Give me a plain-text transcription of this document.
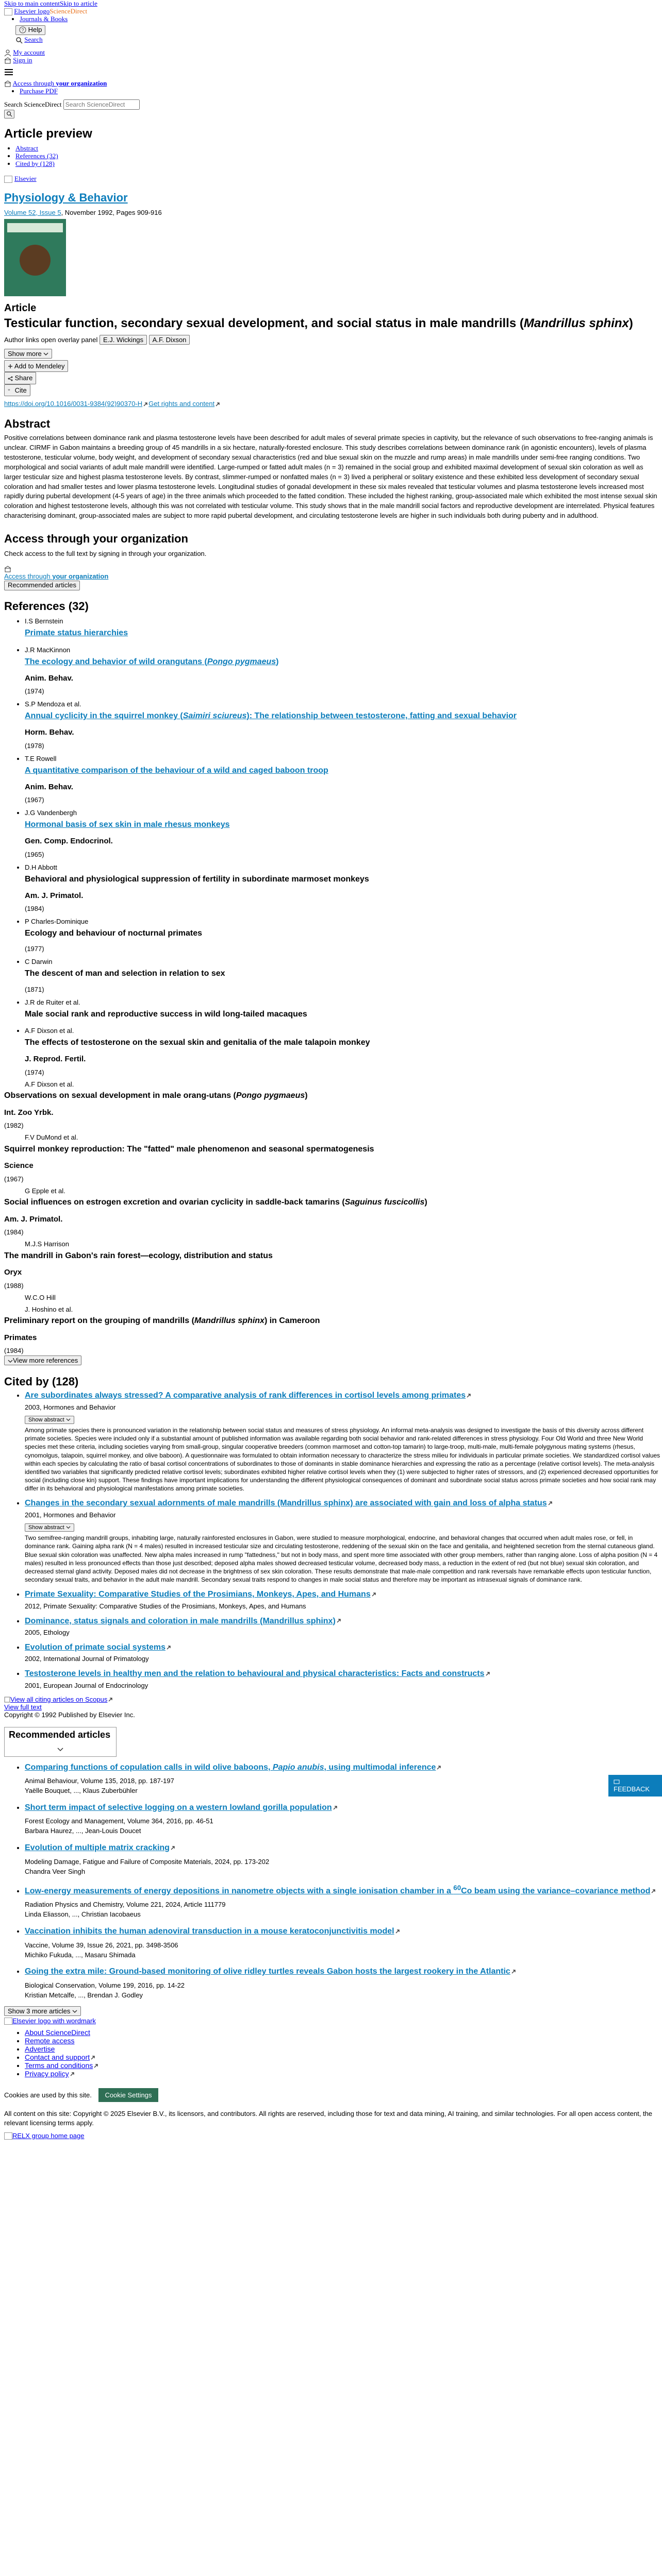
Skip to main contentSkip to article
Elsevier logoScienceDirect
• Journals & Books
? Help
Search
My account

Sign in
Access through your organization
• Purchase PDF
Search ScienceDirect Search ScienceDirect

Article preview
• Abstract
• References (32)
• Cited by (128)
Elsevier
Physiology & Behavior
Volume 52, Issue 5, November 1992, Pages 909-916
Article
Testicular function, secondary sexual development, and social status in male mandrills (Mandrillus sphinx)
Author links open overlay panel E.J. Wickings A.F. Dixson
Show more
Add to Mendeley

Share

" Cite
https://doi.org/10.1016/0031-9384(92)90370-H Get rights and content
Abstract

Positive correlations between dominance rank and plasma testosterone levels have been described for adult males of several primate species in captivity, but the relevance of such observations to free-ranging animals is unclear. CIRMF in Gabon maintains a breeding group of 45 mandrills in a six hectare, naturally-forested enclosure. This study describes correlations between dominance rank (in agonistic encounters), levels of plasma testosterone, testicular volume, body weight, and development of secondary sexual characteristics (red and blue sexual skin on the muzzle and rump areas) in male mandrills under semi-free ranging conditions. Two morphological and social variants of adult male mandrill were identified. Large-rumped or fatted adult males (n = 3) remained in the social group and exhibited maximal development of sexual skin coloration as well as larger testicular size and highest plasma testosterone levels. By contrast, slimmer-rumped or nonfatted males (n = 3) lived a peripheral or solitary existence and these exhibited less development of secondary sexual coloration and had smaller testes and lower plasma testosterone levels. Longitudinal studies of gonadal development in these six males revealed that testicular volumes and plasma testosterone levels increased most rapidly during pubertal development (4-5 years of age) in the three animals which proceeded to the fatted condition. These included the highest ranking, group-associated male which exhibited the most intense sexual skin coloration and highest testosterone levels, although this was not correlated with testicular volume. This study shows that in the male mandrill social factors and reproductive development are interrelated. Physical features characterising dominant, group-associated males are subject to more rapid pubertal development, and circulating testosterone levels are higher in such individuals both during puberty and in adulthood.

Access through your organization

Check access to the full text by signing in through your organization.

Access through your organization
Recommended articles
References (32)
• I.S Bernstein
Primate status hierarchies
• J.R MacKinnon
The ecology and behavior of wild orangutans (Pongo pygmaeus)
Anim. Behav.
(1974)
• S.P Mendoza et al.
Annual cyclicity in the squirrel monkey (Saimiri sciureus): The relationship between testosterone, fatting and sexual behavior
Horm. Behav.
(1978)
• T.E Rowell
A quantitative comparison of the behaviour of a wild and caged baboon troop
Anim. Behav.
(1967)
• J.G Vandenbergh
Hormonal basis of sex skin in male rhesus monkeys
Gen. Comp. Endocrinol.
(1965)
• D.H Abbott
Behavioral and physiological suppression of fertility in subordinate marmoset monkeys
Am. J. Primatol.
(1984)
• P Charles-Dominique
Ecology and behaviour of nocturnal primates
(1977)
• C Darwin
The descent of man and selection in relation to sex
(1871)
• J.R de Ruiter et al.
Male social rank and reproductive success in wild long-tailed macaques
• A.F Dixson et al.
The effects of testosterone on the sexual skin and genitalia of the male talapoin monkey
J. Reprod. Fertil.
(1974)
A.F Dixson et al.
Observations on sexual development in male orang-utans (Pongo pygmaeus)
Int. Zoo Yrbk.
(1982)
F.V DuMond et al.
Squirrel monkey reproduction: The "fatted" male phenomenon and seasonal spermatogenesis
Science
(1967)
G Epple et al.
Social influences on estrogen excretion and ovarian cyclicity in saddle-back tamarins (Saguinus fuscicollis)
Am. J. Primatol.
(1984)
M.J.S Harrison
The mandrill in Gabon's rain forest—ecology, distribution and status
Oryx
(1988)
W.C.O Hill
J. Hoshino et al.
Preliminary report on the grouping of mandrills (Mandrillus sphinx) in Cameroon
Primates
(1984)
View more references
FEEDBACK
Cited by (128)
• Are subordinates always stressed? A comparative analysis of rank differences in cortisol levels among primates
2003, Hormones and Behavior
Show abstract
Among primate species there is pronounced variation in the relationship between social status and measures of stress physiology. An informal meta-analysis was designed to investigate the basis of this diversity across different primate societies. Species were included only if a substantial amount of published information was available regarding both social behavior and rank-related differences in stress physiology. Four Old World and three New World species met these criteria, including societies varying from small-group, singular cooperative breeders (common marmoset and cotton-top tamarin) to large-troop, multi-male, multi-female polygynous mating systems (rhesus, cynomolgus, talapoin, squirrel monkey, and olive baboon). A questionnaire was formulated to obtain information necessary to characterize the stress milieu for individuals in particular primate societies. We standardized cortisol values within each species by calculating the ratio of basal cortisol concentrations of subordinates to those of dominants in stable dominance hierarchies and expressing the ratio as a percentage (relative cortisol levels). The meta-analysis identified two variables that significantly predicted relative cortisol levels; subordinates exhibited higher relative cortisol levels when they (1) were subjected to higher rates of stressors, and (2) experienced decreased opportunities for social (including close kin) support. These findings have important implications for understanding the different physiological consequences of dominant and subordinate social status across primate societies and how social rank may differ in its behavioral and physiological manifestations among primate societies.
• Changes in the secondary sexual adornments of male mandrills (Mandrillus sphinx) are associated with gain and loss of alpha status
2001, Hormones and Behavior
Show abstract
Two semifree-ranging mandrill groups, inhabiting large, naturally rainforested enclosures in Gabon, were studied to measure morphological, endocrine, and behavioral changes that occurred when adult males rose, or fell, in dominance rank. Gaining alpha rank (N = 4 males) resulted in increased testicular size and circulating testosterone, reddening of the sexual skin on the face and genitalia, and heightened secretion from the sternal cutaneous gland. Blue sexual skin coloration was unaffected. New alpha males increased in rump "fattedness," but not in body mass, and spent more time associated with other group members, rather than ranging alone. Loss of alpha position (N = 4 males) resulted in less pronounced effects than those just described; deposed alpha males showed decreased testicular volume, decreased body mass, a reduction in the extent of red (but not blue) sexual skin coloration, and decreased sternal gland activity. Deposed males did not decrease in the brightness of sex skin coloration. These results demonstrate that male-male competition and rank reversals have remarkable effects upon testicular function, secondary sexual traits, and behavior in the adult male mandrill. Secondary sexual traits respond to changes in male social status and therefore may be important as intrasexual signals of dominance rank.
• Primate Sexuality: Comparative Studies of the Prosimians, Monkeys, Apes, and Humans
2012, Primate Sexuality: Comparative Studies of the Prosimians, Monkeys, Apes, and Humans
• Dominance, status signals and coloration in male mandrills (Mandrillus sphinx)
2005, Ethology
• Evolution of primate social systems
2002, International Journal of Primatology
• Testosterone levels in healthy men and the relation to behavioural and physical characteristics: Facts and constructs
2001, European Journal of Endocrinology
View all citing articles on Scopus

View full text
Copyright © 1992 Published by Elsevier Inc.
Recommended articles
• Comparing functions of copulation calls in wild olive baboons, Papio anubis, using multimodal inference
Animal Behaviour, Volume 135, 2018, pp. 187-197
Yaëlle Bouquet, ..., Klaus Zuberbühler
• Short term impact of selective logging on a western lowland gorilla population
Forest Ecology and Management, Volume 364, 2016, pp. 46-51
Barbara Haurez, ..., Jean-Louis Doucet
• Evolution of multiple matrix cracking
Modeling Damage, Fatigue and Failure of Composite Materials, 2024, pp. 173-202
Chandra Veer Singh
• Low-energy measurements of energy depositions in nanometre objects with a single ionisation chamber in a $^{60}$Co beam using the variance–covariance method
Radiation Physics and Chemistry, Volume 221, 2024, Article 111779
Linda Eliasson, ..., Christian Iacobaeus
• Vaccination inhibits the human adenoviral transduction in a mouse keratoconjunctivitis model
Vaccine, Volume 39, Issue 26, 2021, pp. 3498-3506
Michiko Fukuda, ..., Masaru Shimada
• Going the extra mile: Ground-based monitoring of olive ridley turtles reveals Gabon hosts the largest rookery in the Atlantic
Biological Conservation, Volume 199, 2016, pp. 14-22
Kristian Metcalfe, ..., Brendan J. Godley
Show 3 more articles
Elsevier logo with wordmark
• About ScienceDirect
• Remote access
• Advertise
• Contact and support
• Terms and conditions
• Privacy policy
Cookies are used by this site. Cookie Settings
All content on this site: Copyright © 2025 Elsevier B.V., its licensors, and contributors. All rights are reserved, including those for text and data mining, AI training, and similar technologies. For all open access content, the relevant licensing terms apply.
RELX group home page
